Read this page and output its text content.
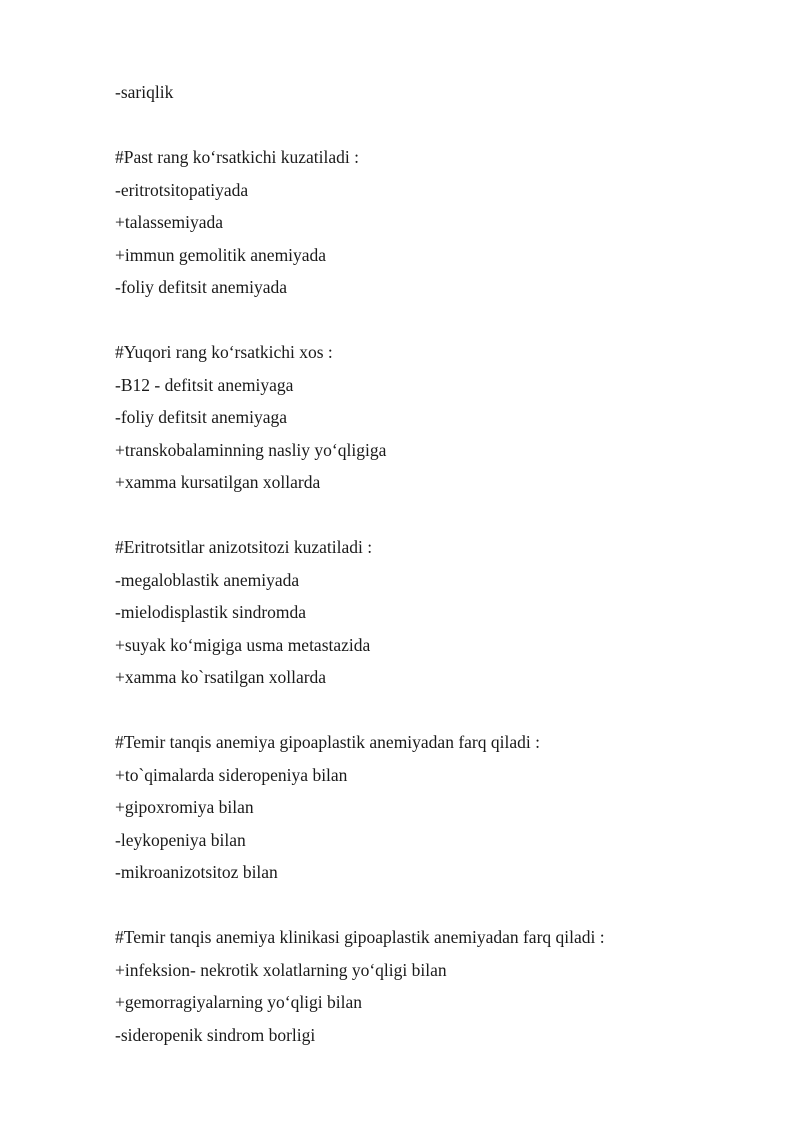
-sariqlik

#Past rang ko‘rsatkichi kuzatiladi :

-eritrotsitopatiyada

+talassemiyada

+immun gemolitik anemiyada

-foliy defitsit anemiyada

#Yuqori rang ko‘rsatkichi xos :

-B12 - defitsit anemiyaga

-foliy defitsit anemiyaga

+transkobalaminning nasliy yo‘qligiga

+xamma kursatilgan xollarda

#Eritrotsitlar anizotsitozi kuzatiladi :

-megaloblastik anemiyada

-mielodisplastik sindromda

+suyak ko‘migiga usma metastazida

+xamma ko`rsatilgan xollarda

#Temir tanqis anemiya gipoaplastik anemiyadan farq qiladi :

+to`qimalarda sideropeniya bilan

+gipoxromiya bilan

-leykopeniya bilan

-mikroanizotsitoz bilan

#Temir tanqis anemiya klinikasi gipoaplastik anemiyadan farq qiladi :

+infeksion- nekrotik xolatlarning yo‘qligi bilan

+gemorragiyalarning yo‘qligi bilan

-sideropenik sindrom borligi
